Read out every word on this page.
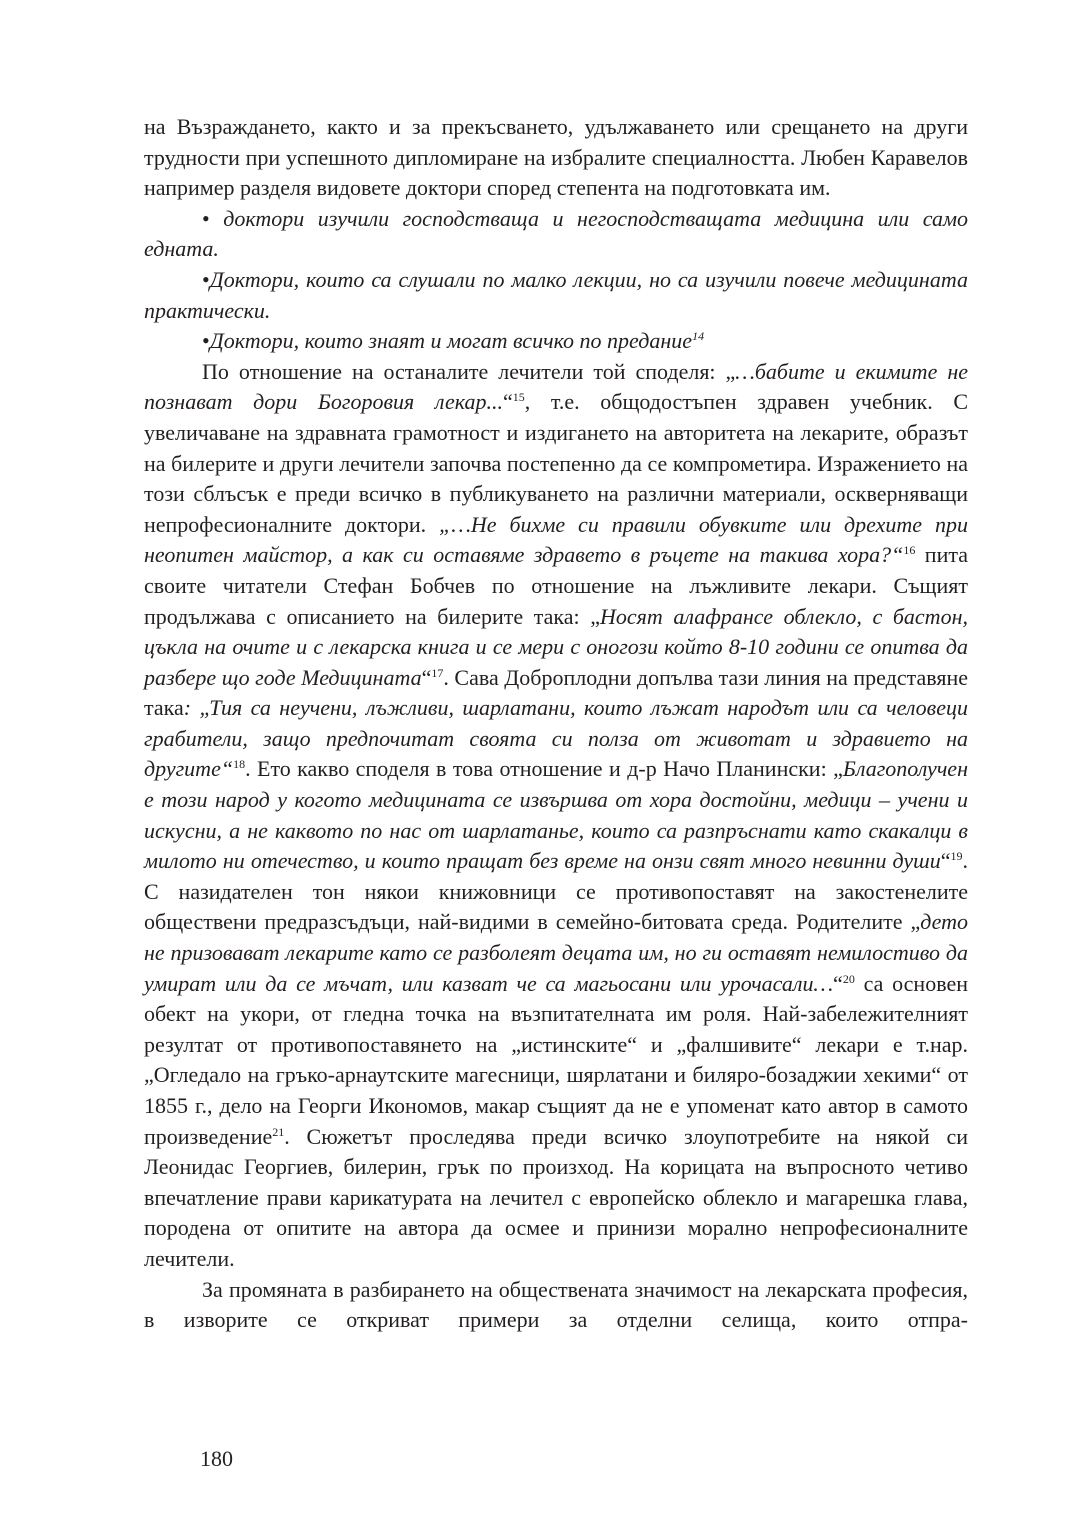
на Възраждането, както и за прекъсването, удължаването или срещането на други трудности при успешното дипломиране на избралите специалността. Любен Каравелов например разделя видовете доктори според степента на подготовката им.

• доктори изучили господстваща и негосподстващата медицина или само едната.

•Доктори, които са слушали по малко лекции, но са изучили повече медицината практически.

•Доктори, които знаят и могат всичко по предание$^{14}$

По отношение на останалите лечители той споделя: „…бабите и екимите не познават дори Богоровия лекар...“$^{15}$, т.е. общодостъпен здравен учебник. С увеличаване на здравната грамотност и издигането на авторитета на лекарите, образът на билерите и други лечители започва постепенно да се компрометира. Изражението на този сблъсък е преди всичко в публикуването на различни материали, оскверняващи непрофесионалните доктори. „…Не бихме си правили обувките или дрехите при неопитен майстор, а как си оставяме здравето в ръцете на такива хора?“$^{16}$ пита своите читатели Стефан Бобчев по отношение на лъжливите лекари. Същият продължава с описанието на билерите така: „Носят алафрансе облекло, с бастон, цъкла на очите и с лекарска книга и се мери с оногози който 8-10 години се опитва да разбере що годе Медицината“$^{17}$. Сава Доброплодни допълва тази линия на представяне така: „Тия са неучени, лъжливи, шарлатани, които лъжат народът или са человеци грабители, защо предпочитат своята си полза от животат и здравието на другите“$^{18}$. Ето какво споделя в това отношение и д-р Начо Планински: „Благополучен е този народ у когото медицината се извършва от хора достойни, медици – учени и искусни, а не каквото по нас от шарлатанье, които са разпръснати като скакалци в милото ни отечество, и които пращат без време на онзи свят много невинни души“$^{19}$. С назидателен тон някои книжовници се противопоставят на закостенелите обществени предразсъдъци, най-видими в семейно-битовата среда. Родителите „дето не призовават лекарите като се разболеят децата им, но ги оставят немилостиво да умират или да се мъчат, или казват че са магьосани или урочасали…“$^{20}$ са основен обект на укори, от гледна точка на възпитателната им роля. Най-забележителният резултат от противопоставянето на „истинските“ и „фалшивите“ лекари е т.нар. „Огледало на гръко-арнаутските магесници, шярлатани и биляро-бозаджии хекими“ от 1855 г., дело на Георги Икономов, макар същият да не е упоменат като автор в самото произведение$^{21}$. Сюжетът проследява преди всичко злоупотребите на някой си Леонидас Георгиев, билерин, грък по произход. На корицата на въпросното четиво впечатление прави карикатурата на лечител с европейско облекло и магарешка глава, породена от опитите на автора да осмее и принизи морално непрофесионалните лечители.

За промяната в разбирането на обществената значимост на лекарската професия, в изворите се откриват примери за отделни селища, които отпра-

180
